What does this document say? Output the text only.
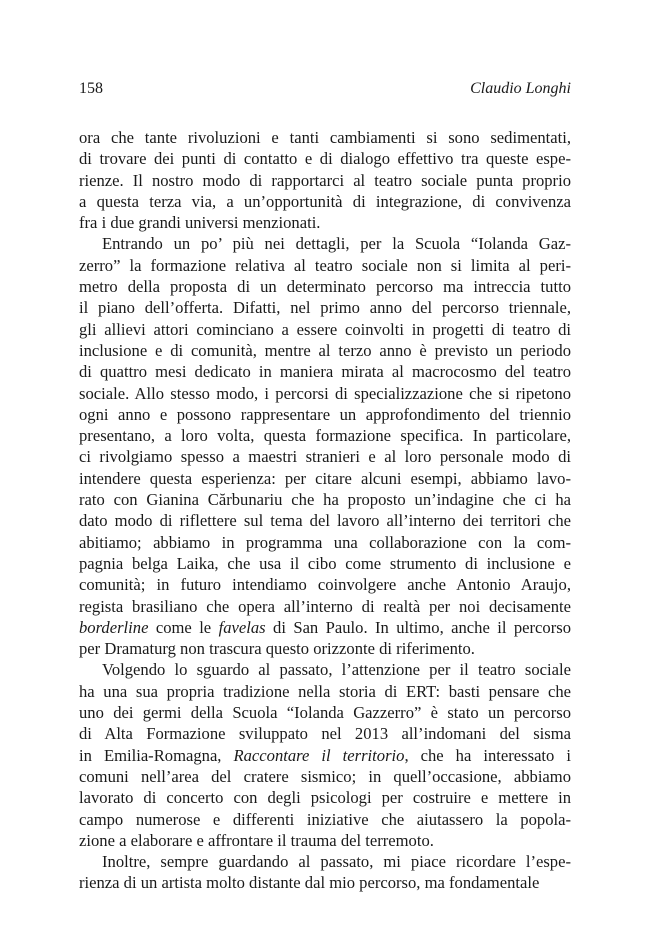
158	Claudio Longhi
ora che tante rivoluzioni e tanti cambiamenti si sono sedimentati,
di trovare dei punti di contatto e di dialogo effettivo tra queste espe-
rienze. Il nostro modo di rapportarci al teatro sociale punta proprio
a questa terza via, a un’opportunità di integrazione, di convivenza
fra i due grandi universi menzionati.
Entrando un po’ più nei dettagli, per la Scuola “Iolanda Gaz-
zerro” la formazione relativa al teatro sociale non si limita al peri-
metro della proposta di un determinato percorso ma intreccia tutto
il piano dell’offerta. Difatti, nel primo anno del percorso triennale,
gli allievi attori cominciano a essere coinvolti in progetti di teatro di
inclusione e di comunità, mentre al terzo anno è previsto un periodo
di quattro mesi dedicato in maniera mirata al macrocosmo del teatro
sociale. Allo stesso modo, i percorsi di specializzazione che si ripetono
ogni anno e possono rappresentare un approfondimento del triennio
presentano, a loro volta, questa formazione specifica. In particolare,
ci rivolgiamo spesso a maestri stranieri e al loro personale modo di
intendere questa esperienza: per citare alcuni esempi, abbiamo lavo-
rato con Gianina Cărbunariu che ha proposto un’indagine che ci ha
dato modo di riflettere sul tema del lavoro all’interno dei territori che
abitiamo; abbiamo in programma una collaborazione con la com-
pagnia belga Laika, che usa il cibo come strumento di inclusione e
comunità; in futuro intendiamo coinvolgere anche Antonio Araujo,
regista brasiliano che opera all’interno di realtà per noi decisamente
borderline come le favelas di San Paulo. In ultimo, anche il percorso
per Dramaturg non trascura questo orizzonte di riferimento.
Volgendo lo sguardo al passato, l’attenzione per il teatro sociale
ha una sua propria tradizione nella storia di ERT: basti pensare che
uno dei germi della Scuola “Iolanda Gazzerro” è stato un percorso
di Alta Formazione sviluppato nel 2013 all’indomani del sisma
in Emilia-Romagna, Raccontare il territorio, che ha interessato i
comuni nell’area del cratere sismico; in quell’occasione, abbiamo
lavorato di concerto con degli psicologi per costruire e mettere in
campo numerose e differenti iniziative che aiutassero la popola-
zione a elaborare e affrontare il trauma del terremoto.
Inoltre, sempre guardando al passato, mi piace ricordare l’espe-
rienza di un artista molto distante dal mio percorso, ma fondamentale
